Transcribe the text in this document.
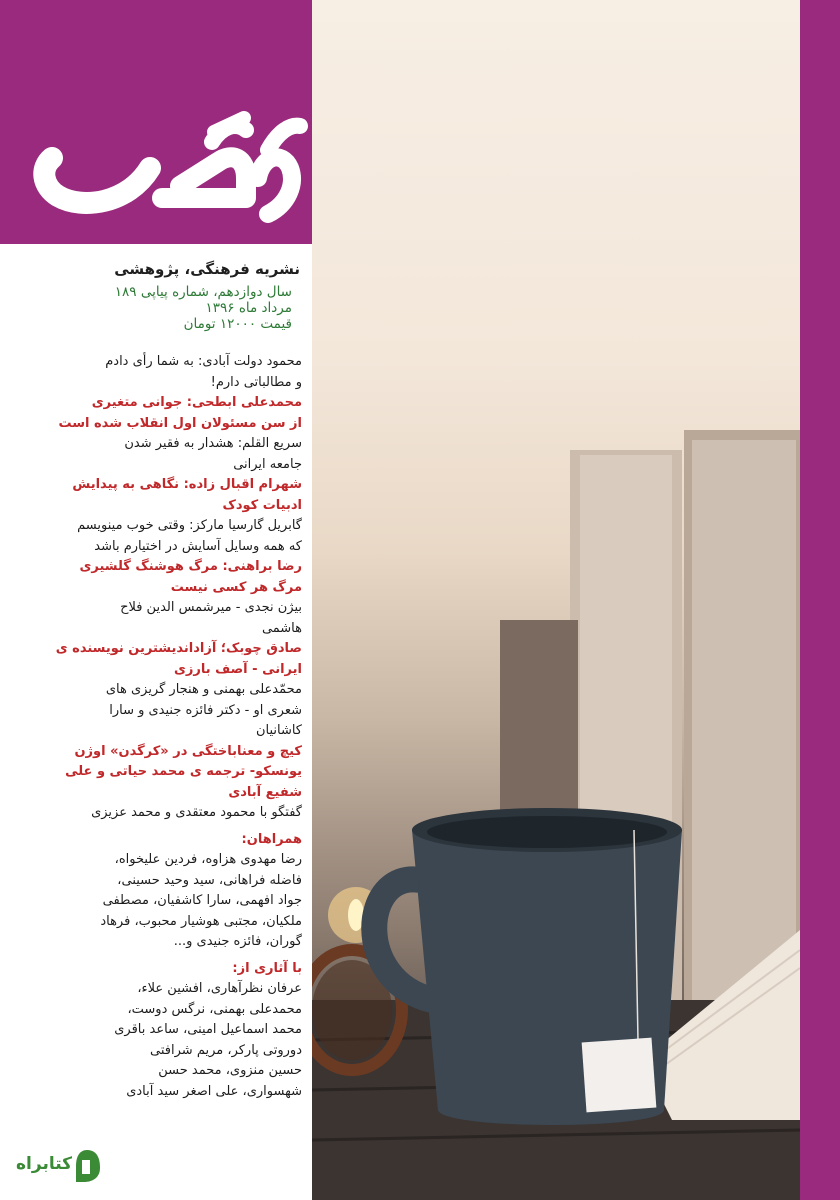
نشریه فرهنگی، پژوهشی
سال دوازدهم، شماره پیاپی ۱۸۹
مرداد ماه ۱۳۹۶
قیمت ۱۲۰۰۰ تومان
محمود دولت آبادی: به شما رأی دادم
و مطالباتی دارم!
محمدعلی ابطحی: جوانی متغیری
از سن مسئولان اول انقلاب شده است
سریع القلم: هشدار به فقیر شدن
جامعه ایرانی
شهرام اقبال زاده: نگاهی به پیدایش
ادبیات کودک
گابریل گارسیا مارکز: وقتی خوب مینویسم
که همه وسایل آسایش در اختیارم باشد
رضا براهنی: مرگ هوشنگ گلشیری
مرگ هر کسی نیست
بیژن نجدی - میرشمس الدین فلاح
هاشمی
صادق چوبک؛ آزاداندیشترین نویسنده ی
ایرانی - آصف بارزی
محمّدعلی بهمنی و هنجار گریزی های
شعری او - دکتر فائزه جنیدی و سارا
کاشانیان
کیچ و معناباختگی در «کرگدن» اوژن
یونسکو- ترجمه ی محمد حیاتی و علی
شفیع آبادی
گفتگو با محمود معتقدی و محمد عزیزی
همراهان:
رضا مهدوی هزاوه، فردین علیخواه،
فاضله فراهانی، سید وحید حسینی،
جواد افهمی، سارا کاشفیان، مصطفی
ملکیان، مجتبی هوشیار محبوب، فرهاد
گوران، فائزه جنیدی و...
با آثاری از:
عرفان نظرآهاری، افشین علاء،
محمدعلی بهمنی، نرگس دوست،
محمد اسماعیل امینی، ساعد باقری
دوروتی پارکر، مریم شرافتی
حسین منزوی، محمد حسن
شهسواری، علی اصغر سید آبادی
کتابراه
